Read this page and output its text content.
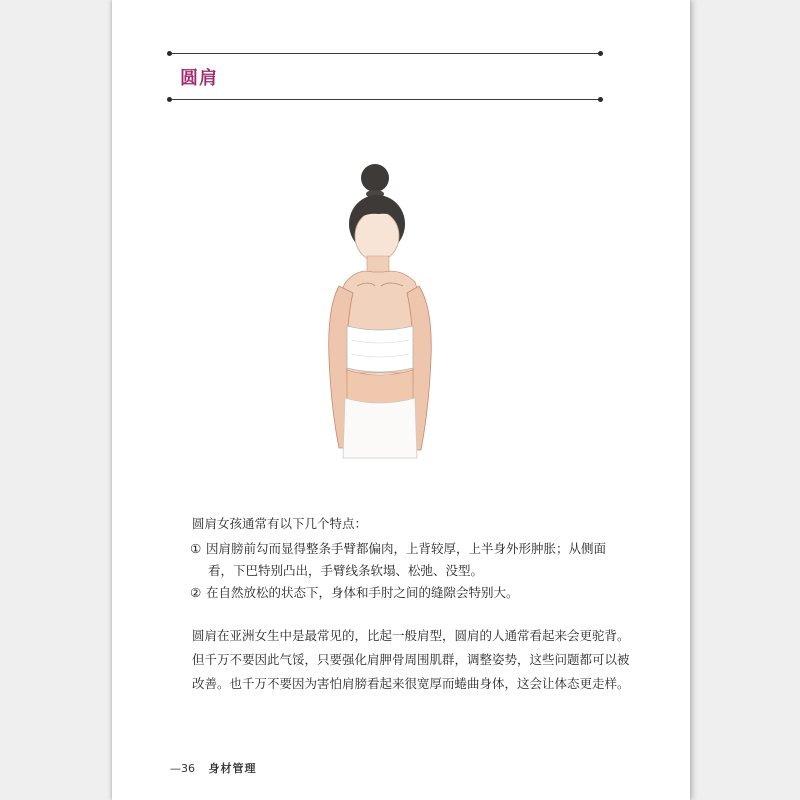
圆肩
圆肩女孩通常有以下几个特点：
① 因肩膀前勾而显得整条手臂都偏肉，上背较厚，上半身外形肿胀；从侧面
看，下巴特别凸出，手臂线条软塌、松弛、没型。
② 在自然放松的状态下，身体和手肘之间的缝隙会特别大。
圆肩在亚洲女生中是最常见的，比起一般肩型，圆肩的人通常看起来会更驼背。但千万不要因此气馁，只要强化肩胛骨周围肌群，调整姿势，这些问题都可以被改善。也千万不要因为害怕肩膀看起来很宽厚而蜷曲身体，这会让体态更走样。
—36 身材管理
